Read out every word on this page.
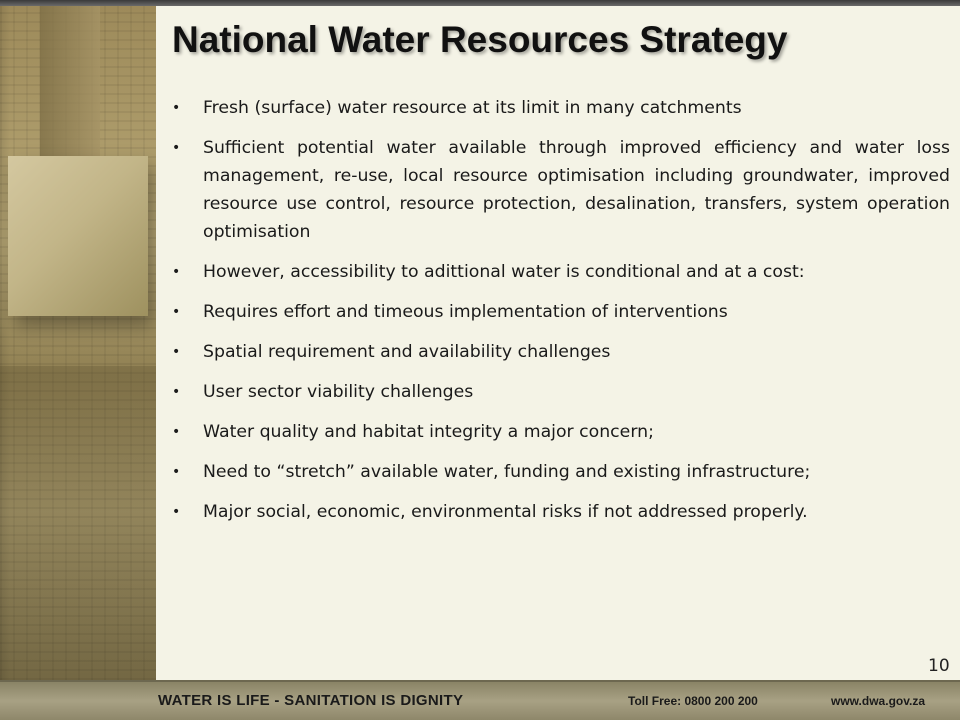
National Water Resources Strategy
• Fresh (surface) water resource at its limit in many catchments
• Sufficient potential water available through improved efficiency and water loss management, re-use, local resource optimisation including groundwater, improved resource use control, resource protection, desalination, transfers, system operation optimisation
• However, accessibility to adittional water is conditional and at a cost:
• Requires effort and timeous implementation of interventions
• Spatial requirement and availability challenges
• User sector viability challenges
• Water quality and habitat integrity a major concern;
• Need to “stretch” available water, funding and existing infrastructure;
• Major social, economic, environmental risks if not addressed properly.
10
WATER IS LIFE - SANITATION IS DIGNITY	Toll Free: 0800 200 200	www.dwa.gov.za
